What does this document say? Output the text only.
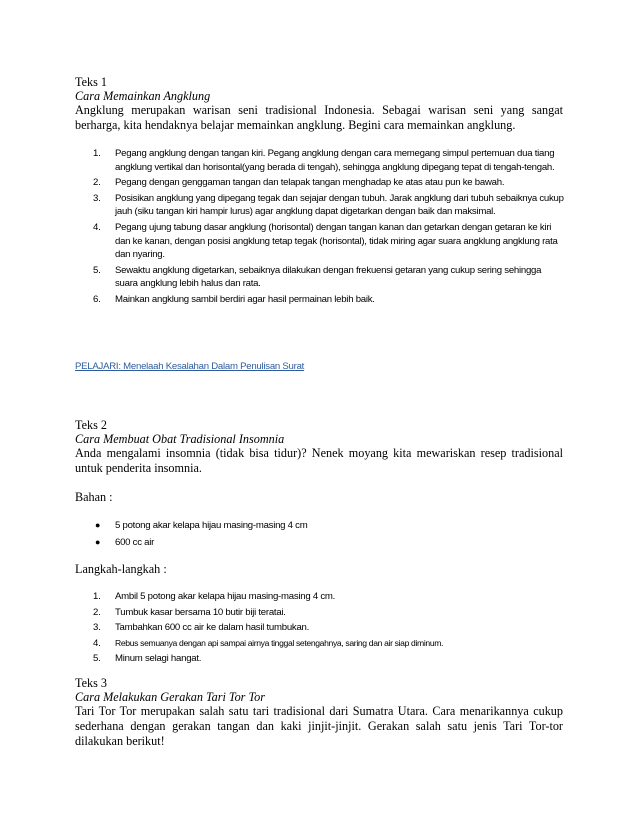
Teks 1

Cara Memainkan Angklung

Angklung merupakan warisan seni tradisional Indonesia. Sebagai warisan seni yang sangat berharga, kita hendaknya belajar memainkan angklung. Begini cara memainkan angklung.

1. Pegang angklung dengan tangan kiri. Pegang angklung dengan cara memegang simpul pertemuan dua tiang angklung vertikal dan horisontal(yang berada di tengah), sehingga angklung dipegang tepat di tengah-tengah.
2. Pegang dengan genggaman tangan dan telapak tangan menghadap ke atas atau pun ke bawah.
3. Posisikan angklung yang dipegang tegak dan sejajar dengan tubuh. Jarak angklung dari tubuh sebaiknya cukup jauh (siku tangan kiri hampir lurus) agar angklung dapat digetarkan dengan baik dan maksimal.
4. Pegang ujung tabung dasar angklung (horisontal) dengan tangan kanan dan getarkan dengan getaran ke kiri dan ke kanan, dengan posisi angklung tetap tegak (horisontal), tidak miring agar suara angklung angklung rata dan nyaring.
5. Sewaktu angklung digetarkan, sebaiknya dilakukan dengan frekuensi getaran yang cukup sering sehingga suara angklung lebih halus dan rata.
6. Mainkan angklung sambil berdiri agar hasil permainan lebih baik.
PELAJARI: Menelaah Kesalahan Dalam Penulisan Surat

Teks 2

Cara Membuat Obat Tradisional Insomnia

Anda mengalami insomnia (tidak bisa tidur)? Nenek moyang kita mewariskan resep tradisional untuk penderita insomnia.

Bahan :

● 5 potong akar kelapa hijau masing-masing 4 cm
● 600 cc air

Langkah-langkah :

1. Ambil 5 potong akar kelapa hijau masing-masing 4 cm.
2. Tumbuk kasar bersama 10 butir biji teratai.
3. Tambahkan 600 cc air ke dalam hasil tumbukan.
4. Rebus semuanya dengan api sampai airnya tinggal setengahnya, saring dan air siap diminum.
5. Minum selagi hangat.

Teks 3

Cara Melakukan Gerakan Tari Tor Tor

Tari Tor Tor merupakan salah satu tari tradisional dari Sumatra Utara. Cara menarikannya cukup sederhana dengan gerakan tangan dan kaki jinjit-jinjit. Gerakan salah satu jenis Tari Tor-tor dilakukan berikut!
